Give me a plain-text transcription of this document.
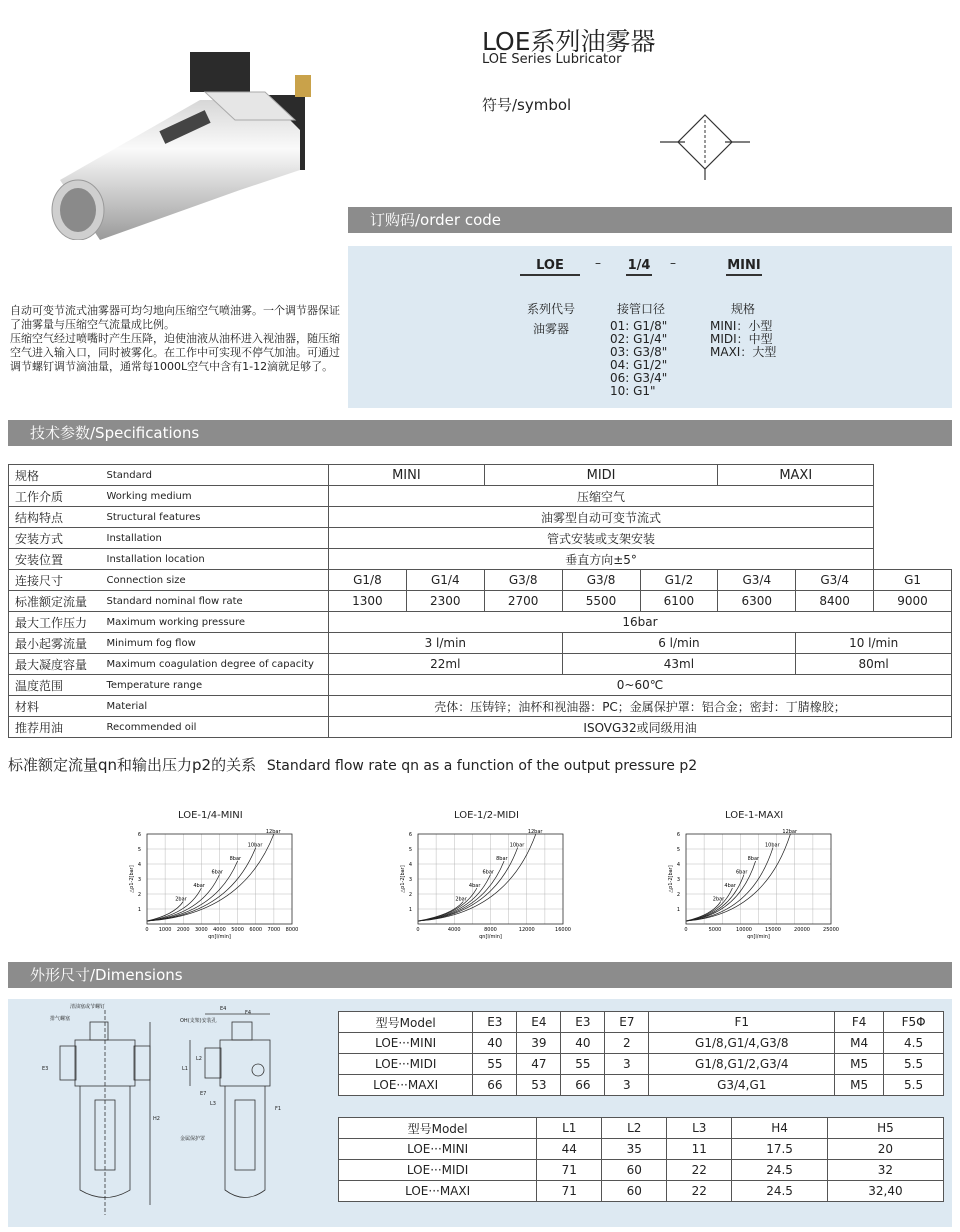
LOE系列油雾器
LOE Series Lubricator
符号/symbol
订购码/order code
LOE	– 1/4 –	MINI
系列代号
油雾器
接管口径
01: G1/8"
02: G1/4"
03: G3/8"
04: G1/2"
06: G3/4"
10: G1"
规格
MINI：小型
MIDI：中型
MAXI：大型
自动可变节流式油雾器可均匀地向压缩空气喷油雾。一个调节器保证了油雾量与压缩空气流量成比例。
压缩空气经过喷嘴时产生压降，迫使油液从油杯进入视油器，随压缩空气进入输入口，同时被雾化。在工作中可实现不停气加油。可通过调节螺钉调节滴油量，通常每1000L空气中含有1-12滴就足够了。
技术参数/Specifications
规格	Standard	MINI		MIDI			MAXI		
工作介质	Working medium	压缩空气							
结构特点	Structural features	油雾型自动可变节流式							
安装方式	Installation	管式安装或支架安装							
安装位置	Installation location	垂直方向±5°							
连接尺寸	Connection size	G1/8	G1/4	G3/8	G3/8	G1/2	G3/4	G3/4	G1
标准额定流量	Standard nominal flow rate	1300	2300	2700	5500	6100	6300	8400	9000
最大工作压力	Maximum working pressure	16bar							
最小起雾流量	Minimum fog flow	3 l/min			6 l/min			10 l/min	
最大凝度容量	Maximum coagulation degree of capacity	22ml			43ml			80ml	
温度范围	Temperature range	0~60℃							
材料	Material	壳体：压铸锌；油杯和视油器：PC；金属保护罩：铝合金；密封：丁腈橡胶；							
推荐用油	Recommended oil	ISOVG32或同级用油							
标准额定流量qn和输出压力p2的关系 Standard flow rate qn as a function of the output pressure p2
LOE-1/4-MINI	LOE-1/2-MIDI	LOE-1-MAXI
1
2
3
4
5
6
0 1000 2000 3000 4000 5000 6000 7000 8000
qn[l/min]
△p1-2[bar]
2bar
4bar
6bar
8bar
10bar
12bar
1
2
3
4
5
6
0	4000	8000	12000	16000
qn[l/min]
△p1-2[bar]
2bar
4bar
6bar
8bar
10bar
12bar
1
2
3
4
5
6
0	5000	10000	15000	20000	25000
qn[l/min]
△p1-2[bar]
2bar
4bar
6bar
8bar
10bar
12bar
外形尺寸/Dimensions
清油塞或节螺钉
排气螺塞	OH(支架)安装孔
金属保护罩
E4
E3
E7
L1
L2
L3
H2
F1
F4
型号Model	E3	E4	E3	E7	F1	F4	F5Φ
LOE···MINI	40	39	40	2	G1/8,G1/4,G3/8	M4	4.5
LOE···MIDI	55	47	55	3	G1/8,G1/2,G3/4	M5	5.5
LOE···MAXI	66	53	66	3	G3/4,G1	M5	5.5
型号Model	L1	L2	L3	H4	H5
LOE···MINI	44	35	11	17.5	20
LOE···MIDI	71	60	22	24.5	32
LOE···MAXI	71	60	22	24.5	32,40
